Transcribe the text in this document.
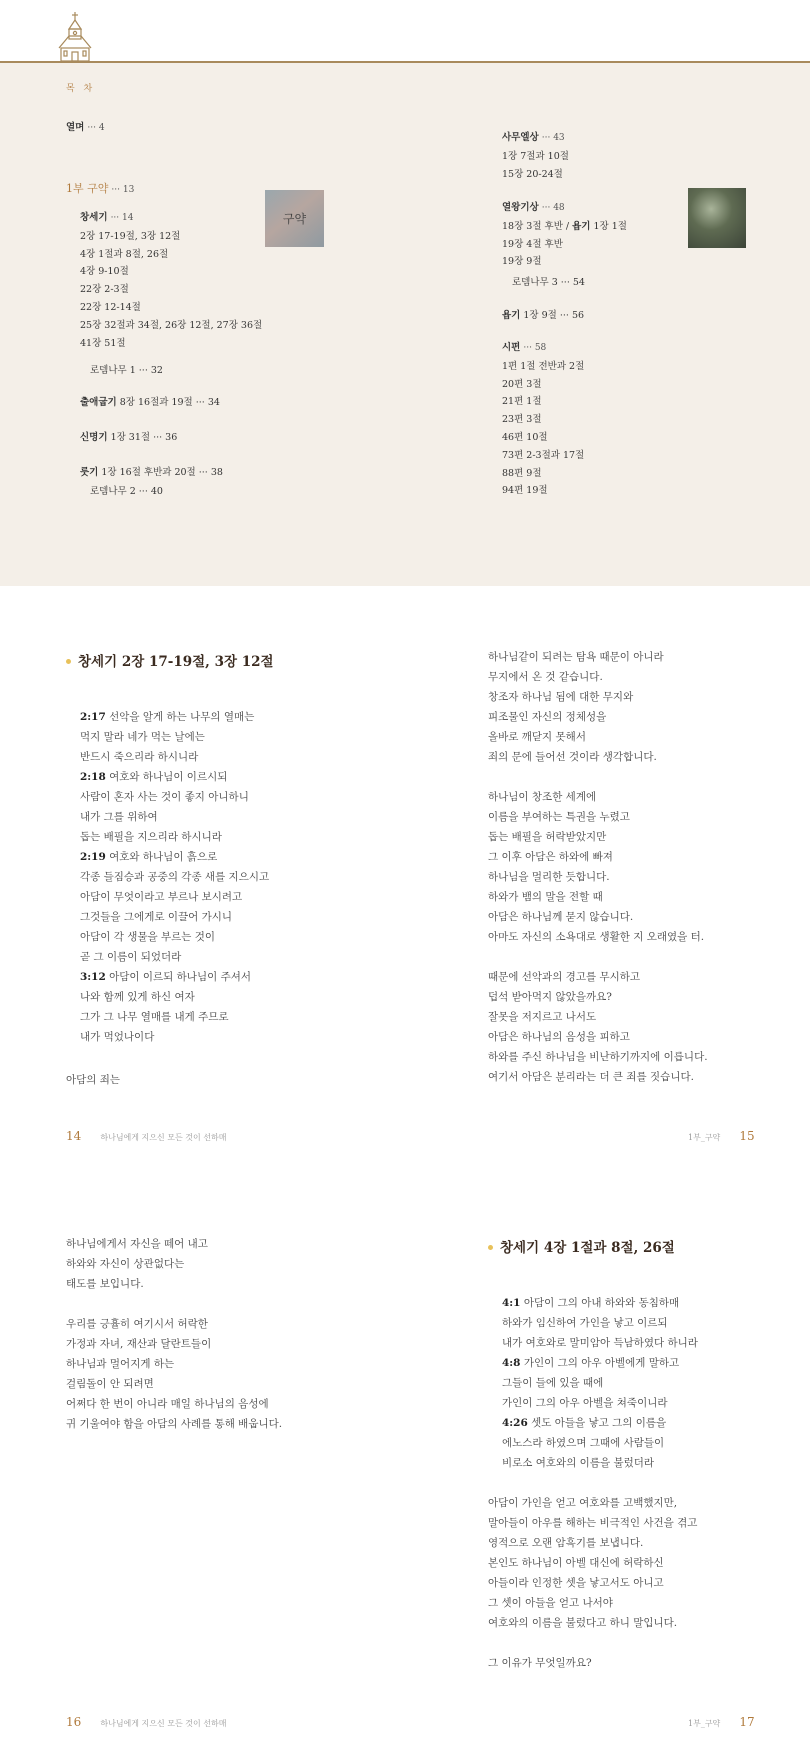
목 차
열며 ··· 4
1부 구약 ··· 13
창세기 ··· 14
2장 17-19절, 3장 12절
4장 1절과 8절, 26절
4장 9-10절
22장 2-3절
22장 12-14절
25장 32절과 34절, 26장 12절, 27장 36절
41장 51절
로뎀나무 1 ··· 32
출애굽기 8장 16절과 19절 ··· 34
신명기 1장 31절 ··· 36
룻기 1장 16절 후반과 20절 ··· 38
로뎀나무 2 ··· 40
사무엘상 ··· 43
1장 7절과 10절
15장 20-24절
열왕기상 ··· 48
18장 3절 후반 / 욥기 1장 1절
19장 4절 후반
19장 9절
로뎀나무 3 ··· 54
욥기 1장 9절 ··· 56
시편 ··· 58
1편 1절 전반과 2절
20편 3절
21편 1절
23편 3절
46편 10절
73편 2-3절과 17절
88편 9절
94편 19절
구약
창세기 2장 17-19절, 3장 12절
2:17 선악을 알게 하는 나무의 열매는
먹지 말라 네가 먹는 날에는
반드시 죽으리라 하시니라
2:18 여호와 하나님이 이르시되
사람이 혼자 사는 것이 좋지 아니하니
내가 그를 위하여
돕는 배필을 지으리라 하시니라
2:19 여호와 하나님이 흙으로
각종 들짐승과 공중의 각종 새를 지으시고
아담이 무엇이라고 부르나 보시려고
그것들을 그에게로 이끌어 가시니
아담이 각 생물을 부르는 것이
곧 그 이름이 되었더라
3:12 아담이 이르되 하나님이 주셔서
나와 함께 있게 하신 여자
그가 그 나무 열매를 내게 주므로
내가 먹었나이다
아담의 죄는
14 하나님에게 지으신 모든 것이 선하매
하나님같이 되려는 탐욕 때문이 아니라
무지에서 온 것 같습니다.
창조자 하나님 됨에 대한 무지와
피조물인 자신의 정체성을
올바로 깨닫지 못해서
죄의 문에 들어선 것이라 생각합니다.
하나님이 창조한 세계에
이름을 부여하는 특권을 누렸고
돕는 배필을 허락받았지만
그 이후 아담은 하와에 빠져
하나님을 멀리한 듯합니다.
하와가 뱀의 말을 전할 때
아담은 하나님께 묻지 않습니다.
아마도 자신의 소욕대로 생활한 지 오래였을 터.
때문에 선악과의 경고를 무시하고
덥석 받아먹지 않았을까요?
잘못을 저지르고 나서도
아담은 하나님의 음성을 피하고
하와를 주신 하나님을 비난하기까지에 이릅니다.
여기서 아담은 분리라는 더 큰 죄를 짓습니다.
1부_구약 15
하나님에게서 자신을 떼어 내고
하와와 자신이 상관없다는
태도를 보입니다.
우리를 긍휼히 여기시서 허락한
가정과 자녀, 재산과 달란트들이
하나님과 멀어지게 하는
걸림돌이 안 되려면
어쩌다 한 번이 아니라 매일 하나님의 음성에
귀 기울여야 함을 아담의 사례를 통해 배웁니다.
16 하나님에게 지으신 모든 것이 선하매
창세기 4장 1절과 8절, 26절
4:1 아담이 그의 아내 하와와 동침하매
하와가 임신하여 가인을 낳고 이르되
내가 여호와로 말미암아 득남하였다 하니라
4:8 가인이 그의 아우 아벨에게 말하고
그들이 들에 있을 때에
가인이 그의 아우 아벨을 쳐죽이니라
4:26 셋도 아들을 낳고 그의 이름을
에노스라 하였으며 그때에 사람들이
비로소 여호와의 이름을 불렀더라
아담이 가인을 얻고 여호와를 고백했지만,
말아들이 아우를 해하는 비극적인 사건을 겪고
영적으로 오랜 암흑기를 보냅니다.
본인도 하나님이 아벨 대신에 허락하신
아들이라 인정한 셋을 낳고서도 아니고
그 셋이 아들을 얻고 나서야
여호와의 이름을 불렀다고 하니 말입니다.
그 이유가 무엇일까요?
1부_구약 17
